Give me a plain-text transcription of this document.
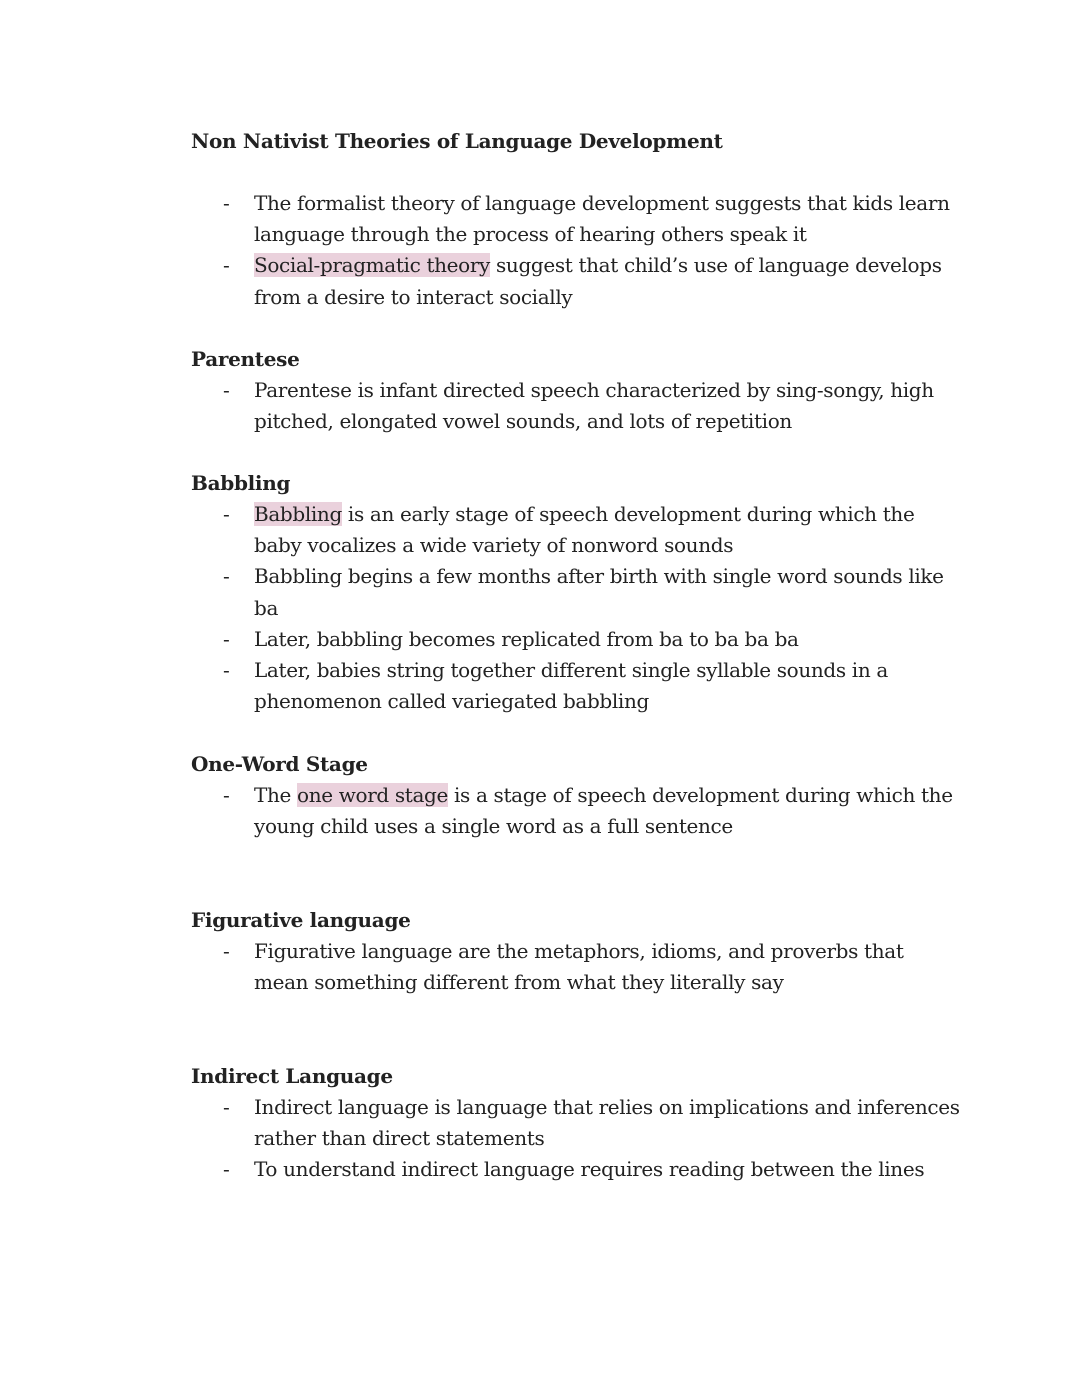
Non Nativist Theories of Language Development
- The formalist theory of language development suggests that kids learn
language through the process of hearing others speak it
- Social-pragmatic theory suggest that child’s use of language develops
from a desire to interact socially
Parentese
- Parentese is infant directed speech characterized by sing-songy, high
pitched, elongated vowel sounds, and lots of repetition
Babbling
- Babbling is an early stage of speech development during which the
baby vocalizes a wide variety of nonword sounds
- Babbling begins a few months after birth with single word sounds like
ba
- Later, babbling becomes replicated from ba to ba ba ba
- Later, babies string together different single syllable sounds in a
phenomenon called variegated babbling
One-Word Stage
- The one word stage is a stage of speech development during which the
young child uses a single word as a full sentence
Figurative language
- Figurative language are the metaphors, idioms, and proverbs that
mean something different from what they literally say
Indirect Language
- Indirect language is language that relies on implications and inferences
rather than direct statements
- To understand indirect language requires reading between the lines
